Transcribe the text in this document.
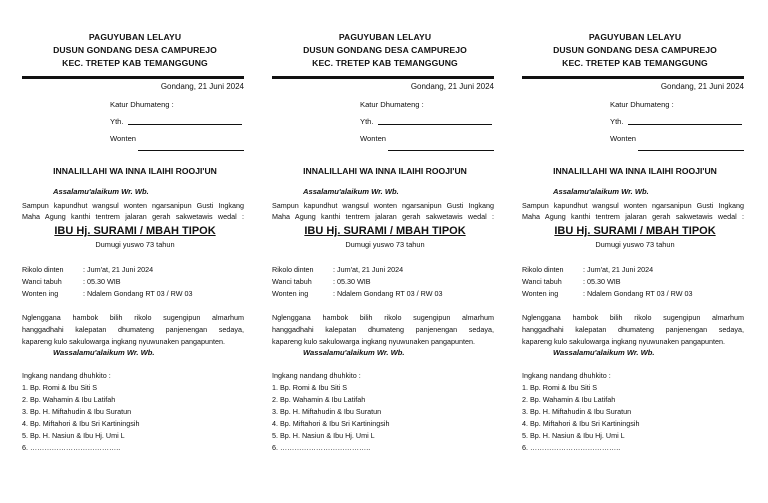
PAGUYUBAN LELAYU
DUSUN GONDANG DESA CAMPUREJO
KEC. TRETEP KAB TEMANGGUNG
Gondang, 21 Juni 2024
Katur Dhumateng :
Yth.
Wonten
INNALILLAHI WA INNA ILAIHI ROOJI'UN
Assalamu'alaikum Wr. Wb.
Sampun kapundhut wangsul wonten ngarsanipun Gusti Ingkang
Maha Agung kanthi tentrem jalaran gerah sakwetawis wedal :
IBU Hj. SURAMI / MBAH TIPOK
Dumugi yuswo 73 tahun
Rikolo dinten	: Jum'at, 21 Juni 2024
Wanci tabuh	: 05.30 WIB
Wonten ing	: Ndalem Gondang RT 03 / RW 03
Nglenggana hambok bilih rikolo sugengipun almarhum
hanggadhahi kalepatan dhumateng panjenengan sedaya,
kapareng kulo sakulowarga ingkang nyuwunaken pangapunten.
Wassalamu'alaikum Wr. Wb.
Ingkang nandang dhuhkito :
1. Bp. Romi & Ibu Siti S
2. Bp. Wahamin & Ibu Latifah
3. Bp. H. Miftahudin & Ibu Suratun
4. Bp. Miftahori & Ibu Sri Kartiningsih
5. Bp. H. Nasiun & Ibu Hj. Umi L
6. ………………………………..
PAGUYUBAN LELAYU
DUSUN GONDANG DESA CAMPUREJO
KEC. TRETEP KAB TEMANGGUNG
Gondang, 21 Juni 2024
Katur Dhumateng :
Yth.
Wonten
INNALILLAHI WA INNA ILAIHI ROOJI'UN
Assalamu'alaikum Wr. Wb.
Sampun kapundhut wangsul wonten ngarsanipun Gusti Ingkang
Maha Agung kanthi tentrem jalaran gerah sakwetawis wedal :
IBU Hj. SURAMI / MBAH TIPOK
Dumugi yuswo 73 tahun
Rikolo dinten	: Jum'at, 21 Juni 2024
Wanci tabuh	: 05.30 WIB
Wonten ing	: Ndalem Gondang RT 03 / RW 03
Nglenggana hambok bilih rikolo sugengipun almarhum
hanggadhahi kalepatan dhumateng panjenengan sedaya,
kapareng kulo sakulowarga ingkang nyuwunaken pangapunten.
Wassalamu'alaikum Wr. Wb.
Ingkang nandang dhuhkito :
1. Bp. Romi & Ibu Siti S
2. Bp. Wahamin & Ibu Latifah
3. Bp. H. Miftahudin & Ibu Suratun
4. Bp. Miftahori & Ibu Sri Kartiningsih
5. Bp. H. Nasiun & Ibu Hj. Umi L
6. ………………………………..
PAGUYUBAN LELAYU
DUSUN GONDANG DESA CAMPUREJO
KEC. TRETEP KAB TEMANGGUNG
Gondang, 21 Juni 2024
Katur Dhumateng :
Yth.
Wonten
INNALILLAHI WA INNA ILAIHI ROOJI'UN
Assalamu'alaikum Wr. Wb.
Sampun kapundhut wangsul wonten ngarsanipun Gusti Ingkang
Maha Agung kanthi tentrem jalaran gerah sakwetawis wedal :
IBU Hj. SURAMI / MBAH TIPOK
Dumugi yuswo 73 tahun
Rikolo dinten	: Jum'at, 21 Juni 2024
Wanci tabuh	: 05.30 WIB
Wonten ing	: Ndalem Gondang RT 03 / RW 03
Nglenggana hambok bilih rikolo sugengipun almarhum
hanggadhahi kalepatan dhumateng panjenengan sedaya,
kapareng kulo sakulowarga ingkang nyuwunaken pangapunten.
Wassalamu'alaikum Wr. Wb.
Ingkang nandang dhuhkito :
1. Bp. Romi & Ibu Siti S
2. Bp. Wahamin & Ibu Latifah
3. Bp. H. Miftahudin & Ibu Suratun
4. Bp. Miftahori & Ibu Sri Kartiningsih
5. Bp. H. Nasiun & Ibu Hj. Umi L
6. ………………………………..
